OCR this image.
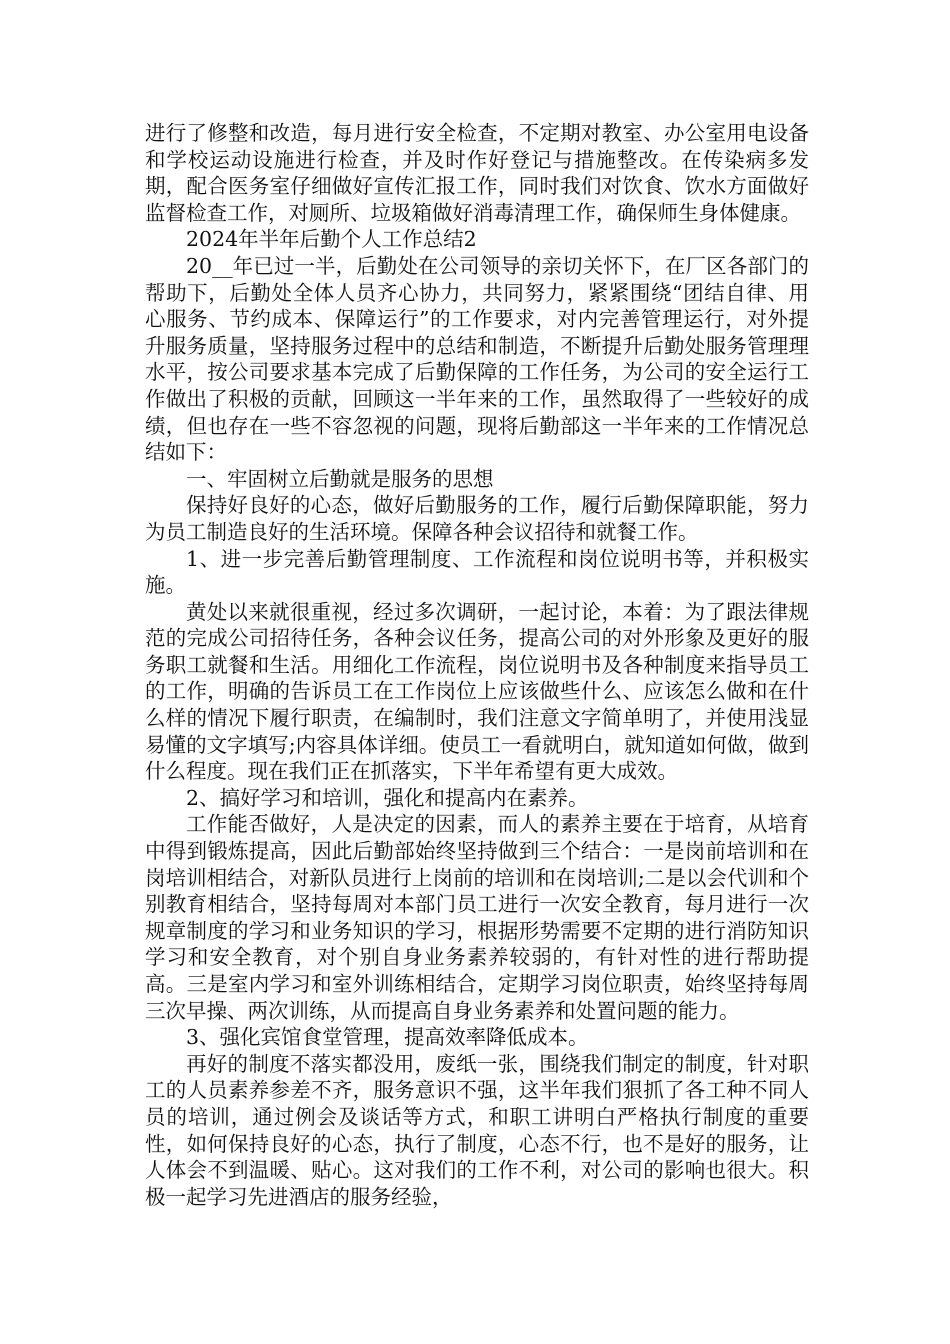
进行了修整和改造，每月进行安全检查，不定期对教室、办公室用电设备和学校运动设施进行检查，并及时作好登记与措施整改。在传染病多发期，配合医务室仔细做好宣传汇报工作，同时我们对饮食、饮水方面做好监督检查工作，对厕所、垃圾箱做好消毒清理工作，确保师生身体健康。

2024年半年后勤个人工作总结2

20__年已过一半，后勤处在公司领导的亲切关怀下，在厂区各部门的帮助下，后勤处全体人员齐心协力，共同努力，紧紧围绕“团结自律、用心服务、节约成本、保障运行”的工作要求，对内完善管理运行，对外提升服务质量，坚持服务过程中的总结和制造，不断提升后勤处服务管理理水平，按公司要求基本完成了后勤保障的工作任务，为公司的安全运行工作做出了积极的贡献，回顾这一半年来的工作，虽然取得了一些较好的成绩，但也存在一些不容忽视的问题，现将后勤部这一半年来的工作情况总结如下：

一、牢固树立后勤就是服务的思想

保持好良好的心态，做好后勤服务的工作，履行后勤保障职能，努力为员工制造良好的生活环境。保障各种会议招待和就餐工作。

1、进一步完善后勤管理制度、工作流程和岗位说明书等，并积极实施。

黄处以来就很重视，经过多次调研，一起讨论，本着：为了跟法律规范的完成公司招待任务，各种会议任务，提高公司的对外形象及更好的服务职工就餐和生活。用细化工作流程，岗位说明书及各种制度来指导员工的工作，明确的告诉员工在工作岗位上应该做些什么、应该怎么做和在什么样的情况下履行职责，在编制时，我们注意文字简单明了，并使用浅显易懂的文字填写;内容具体详细。使员工一看就明白，就知道如何做，做到什么程度。现在我们正在抓落实，下半年希望有更大成效。

2、搞好学习和培训，强化和提高内在素养。

工作能否做好，人是决定的因素，而人的素养主要在于培育，从培育中得到锻炼提高，因此后勤部始终坚持做到三个结合：一是岗前培训和在岗培训相结合，对新队员进行上岗前的培训和在岗培训;二是以会代训和个别教育相结合，坚持每周对本部门员工进行一次安全教育，每月进行一次规章制度的学习和业务知识的学习，根据形势需要不定期的进行消防知识学习和安全教育，对个别自身业务素养较弱的，有针对性的进行帮助提高。三是室内学习和室外训练相结合，定期学习岗位职责，始终坚持每周三次早操、两次训练，从而提高自身业务素养和处置问题的能力。

3、强化宾馆食堂管理，提高效率降低成本。

再好的制度不落实都没用，废纸一张，围绕我们制定的制度，针对职工的人员素养参差不齐，服务意识不强，这半年我们狠抓了各工种不同人员的培训，通过例会及谈话等方式，和职工讲明白严格执行制度的重要性，如何保持良好的心态，执行了制度，心态不行，也不是好的服务，让人体会不到温暖、贴心。这对我们的工作不利，对公司的影响也很大。积极一起学习先进酒店的服务经验，
